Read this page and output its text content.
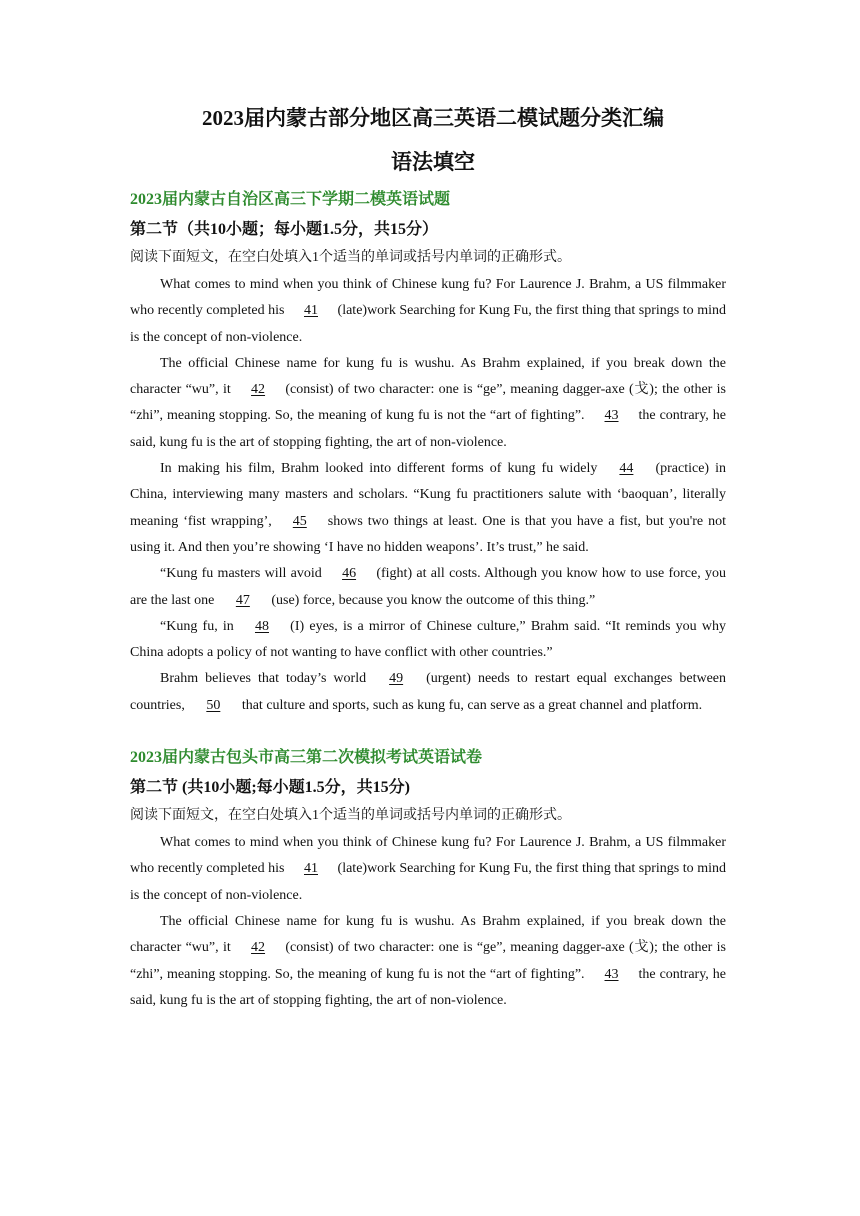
2023届内蒙古部分地区高三英语二模试题分类汇编
语法填空
2023届内蒙古自治区高三下学期二模英语试题
第二节（共10小题；每小题1.5分，共15分）
阅读下面短文，在空白处填入1个适当的单词或括号内单词的正确形式。

What comes to mind when you think of Chinese kung fu? For Laurence J. Brahm, a US filmmaker who recently completed his 41 (late)work Searching for Kung Fu, the first thing that springs to mind is the concept of non-violence.

The official Chinese name for kung fu is wushu. As Brahm explained, if you break down the character “wu”, it 42 (consist) of two character: one is “ge”, meaning dagger-axe (戈); the other is “zhi”, meaning stopping. So, the meaning of kung fu is not the “art of fighting”. 43 the contrary, he said, kung fu is the art of stopping fighting, the art of non-violence.

In making his film, Brahm looked into different forms of kung fu widely 44 (practice) in China, interviewing many masters and scholars. “Kung fu practitioners salute with ‘baoquan’, literally meaning ‘fist wrapping’, 45 shows two things at least. One is that you have a fist, but you're not using it. And then you’re showing ‘I have no hidden weapons’. It’s trust,” he said.

“Kung fu masters will avoid 46 (fight) at all costs. Although you know how to use force, you are the last one 47 (use) force, because you know the outcome of this thing.”

“Kung fu, in 48 (I) eyes, is a mirror of Chinese culture,” Brahm said. “It reminds you why China adopts a policy of not wanting to have conflict with other countries.”

Brahm believes that today’s world 49 (urgent) needs to restart equal exchanges between countries, 50 that culture and sports, such as kung fu, can serve as a great channel and platform.

2023届内蒙古包头市高三第二次模拟考试英语试卷
第二节 (共10小题;每小题1.5分，共15分)
阅读下面短文，在空白处填入1个适当的单词或括号内单词的正确形式。

What comes to mind when you think of Chinese kung fu? For Laurence J. Brahm, a US filmmaker who recently completed his 41 (late)work Searching for Kung Fu, the first thing that springs to mind is the concept of non-violence.

The official Chinese name for kung fu is wushu. As Brahm explained, if you break down the character “wu”, it 42 (consist) of two character: one is “ge”, meaning dagger-axe (戈); the other is “zhi”, meaning stopping. So, the meaning of kung fu is not the “art of fighting”. 43 the contrary, he said, kung fu is the art of stopping fighting, the art of non-violence.
